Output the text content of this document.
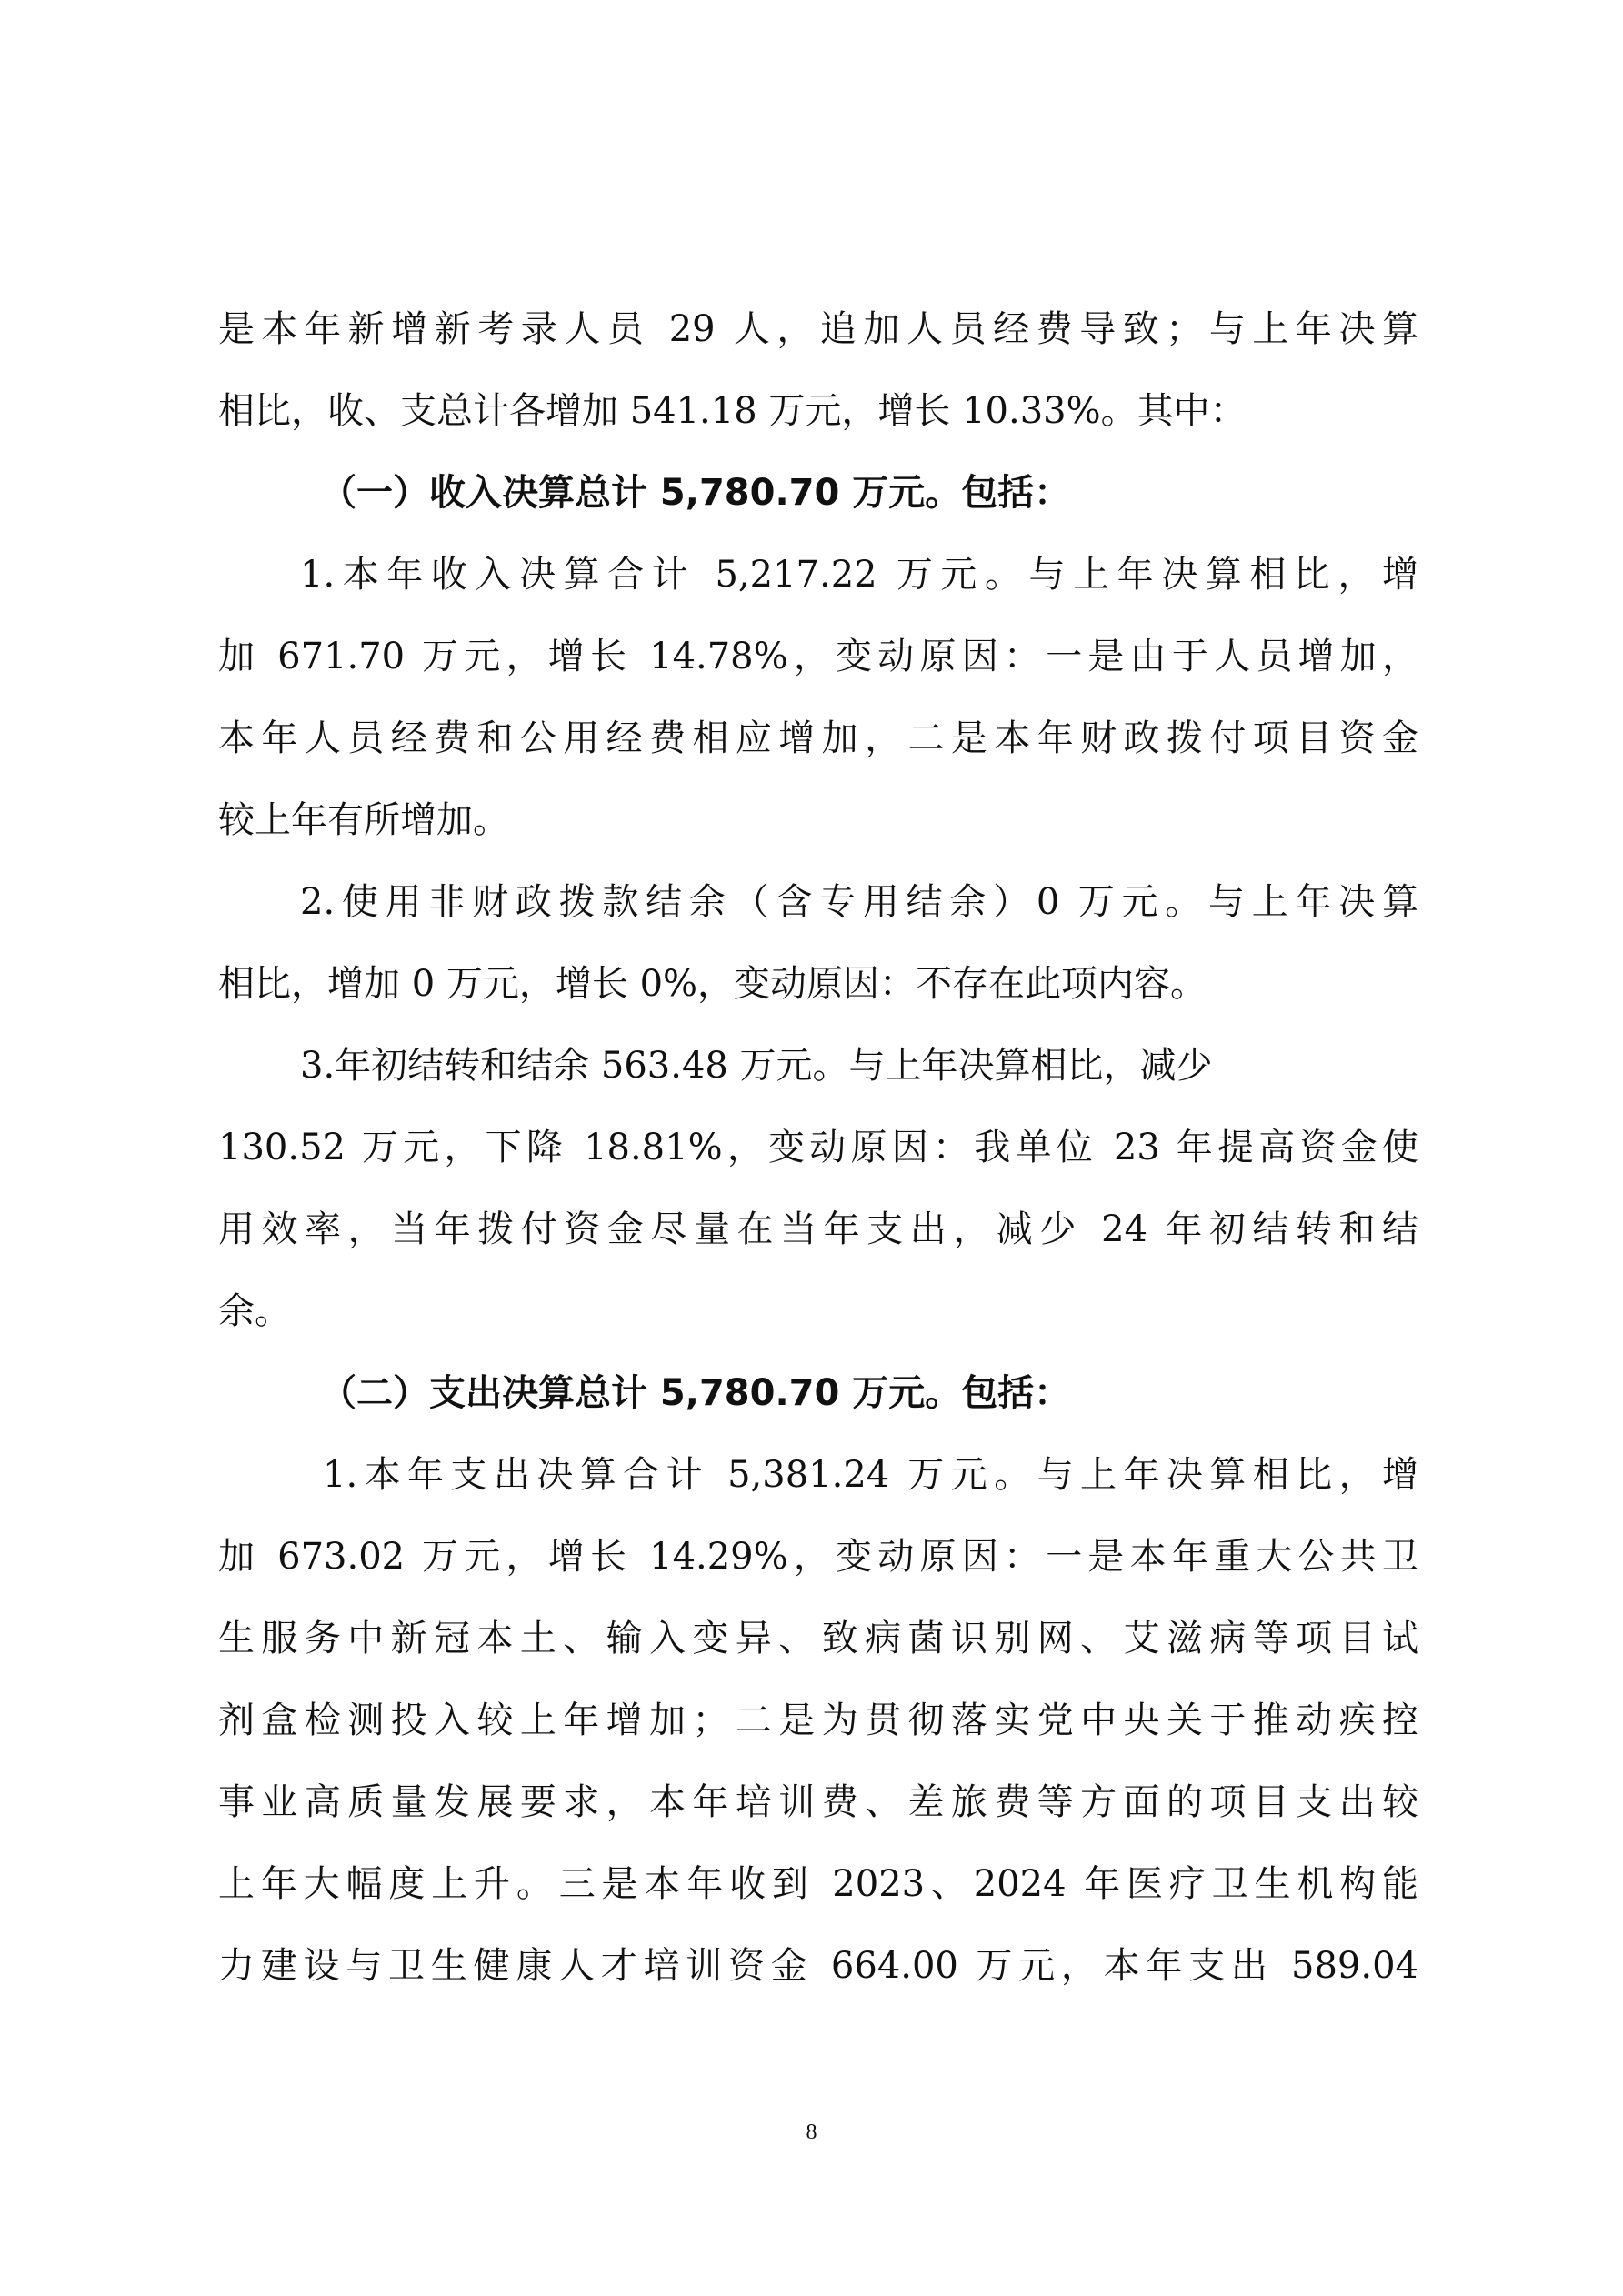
是本年新增新考录人员 29 人，追加人员经费导致；与上年决算
相比，收、支总计各增加 541.18 万元，增长 10.33%。其中：
（一）收入决算总计 5,780.70 万元。包括：
1.本年收入决算合计 5,217.22 万元。与上年决算相比，增
加 671.70 万元，增长 14.78%，变动原因：一是由于人员增加，
本年人员经费和公用经费相应增加，二是本年财政拨付项目资金
较上年有所增加。
2.使用非财政拨款结余（含专用结余）0 万元。与上年决算
相比，增加 0 万元，增长 0%，变动原因：不存在此项内容。
3.年初结转和结余 563.48 万元。与上年决算相比，减少
130.52 万元，下降 18.81%，变动原因：我单位 23 年提高资金使
用效率，当年拨付资金尽量在当年支出，减少 24 年初结转和结
余。
（二）支出决算总计 5,780.70 万元。包括：
1.本年支出决算合计 5,381.24 万元。与上年决算相比，增
加 673.02 万元，增长 14.29%，变动原因：一是本年重大公共卫
生服务中新冠本土、输入变异、致病菌识别网、艾滋病等项目试
剂盒检测投入较上年增加；二是为贯彻落实党中央关于推动疾控
事业高质量发展要求，本年培训费、差旅费等方面的项目支出较
上年大幅度上升。三是本年收到 2023、2024 年医疗卫生机构能
力建设与卫生健康人才培训资金 664.00 万元，本年支出 589.04
8
